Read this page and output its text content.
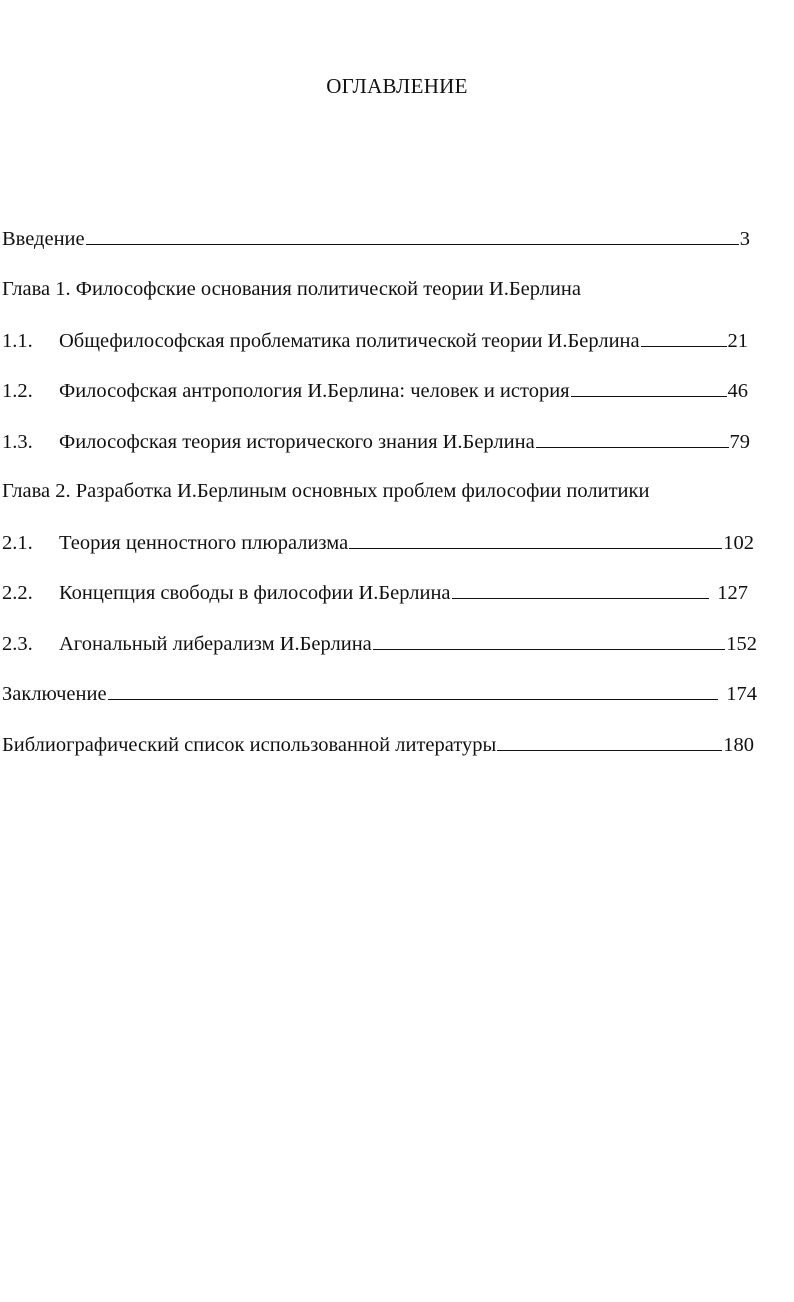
ОГЛАВЛЕНИЕ
Введение	3
Глава 1. Философские основания политической теории И.Берлина
1.1.	Общефилософская проблематика политической теории И.Берлина	21
1.2.	Философская антропология И.Берлина: человек и история	46
1.3.	Философская теория исторического знания И.Берлина	79
Глава 2. Разработка И.Берлиным основных проблем философии политики
2.1.	Теория ценностного плюрализма	102
2.2.	Концепция свободы в философии И.Берлина	127
2.3.	Агональный либерализм И.Берлина	152
Заключение	174
Библиографический список использованной литературы	180
